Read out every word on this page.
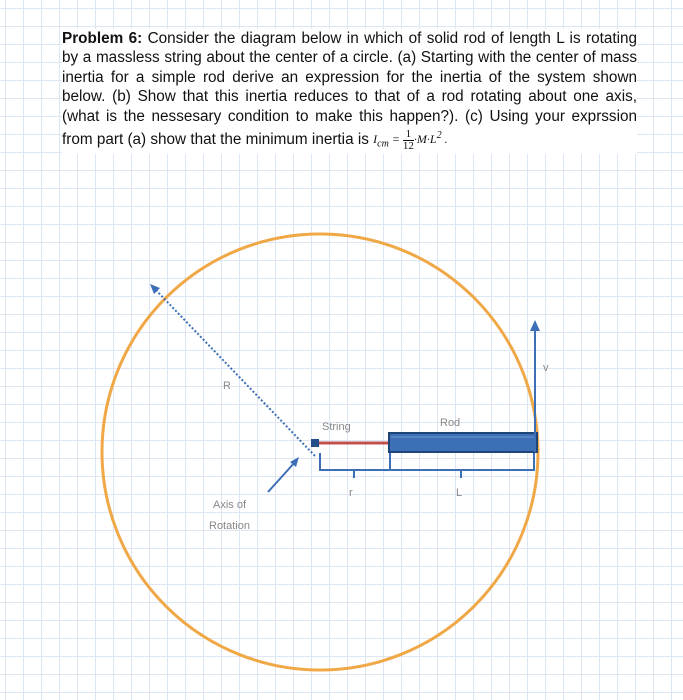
Problem 6: Consider the diagram below in which of solid rod of length L is rotating by a massless string about the center of a circle. (a) Starting with the center of mass inertia for a simple rod derive an expression for the inertia of the system shown below. (b) Show that this inertia reduces to that of a rod rotating about one axis, (what is the nessesary condition to make this happen?). (c) Using your exprssion from part (a) show that the minimum inertia is $I_{cm} = \frac{1}{12} \cdot M\cdot L^2$ .
R
String	Rod
v
r	L
Axis of
Rotation
